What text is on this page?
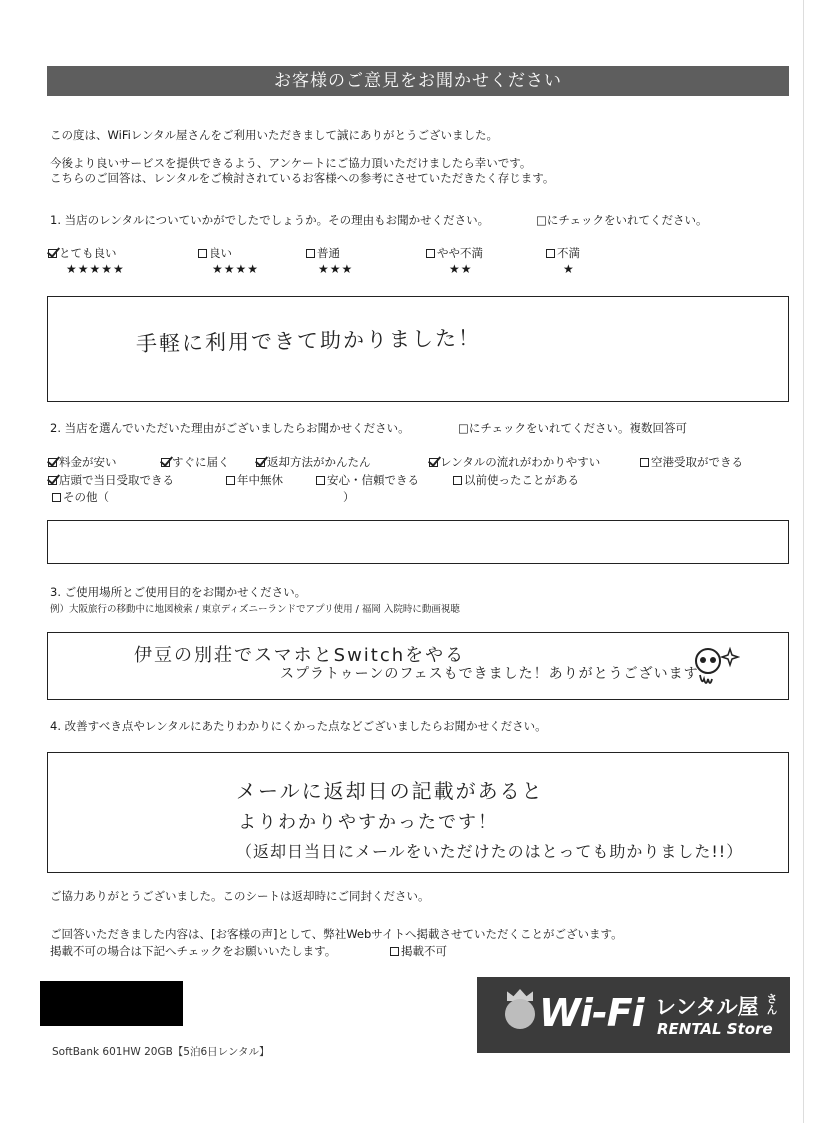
お客様のご意見をお聞かせください
この度は、WiFiレンタル屋さんをご利用いただきまして誠にありがとうございました。
今後より良いサービスを提供できるよう、アンケートにご協力頂いただけましたら幸いです。
こちらのご回答は、レンタルをご検討されているお客様への参考にさせていただきたく存じます。
1. 当店のレンタルについていかがでしたでしょうか。その理由もお聞かせください。	□にチェックをいれてください。
とても良い
★★★★★
良い
★★★★
普通
★★★
やや不満
★★
不満
★
手軽に利用できて助かりました！
2. 当店を選んでいただいた理由がございましたらお聞かせください。	□にチェックをいれてください。複数回答可
料金が安い	すぐに届く	返却方法がかんたん	レンタルの流れがわかりやすい	空港受取ができる
店頭で当日受取できる	年中無休	安心・信頼できる	以前使ったことがある
その他（	）
3. ご使用場所とご使用目的をお聞かせください。
例）大阪旅行の移動中に地図検索 / 東京ディズニーランドでアプリ使用 / 福岡 入院時に動画視聴
伊豆の別荘でスマホとSwitchをやる
スプラトゥーンのフェスもできました！ありがとうございます
4. 改善すべき点やレンタルにあたりわかりにくかった点などございましたらお聞かせください。
メールに返却日の記載があると
よりわかりやすかったです！
（返却日当日にメールをいただけたのはとっても助かりました!!）
ご協力ありがとうございました。このシートは返却時にご同封ください。
ご回答いただきました内容は、[お客様の声]として、弊社Webサイトへ掲載させていただくことがございます。
掲載不可の場合は下記へチェックをお願いいたします。	掲載不可
Wi-Fi レンタル屋 さん
RENTAL Store
SoftBank 601HW 20GB【5泊6日レンタル】
